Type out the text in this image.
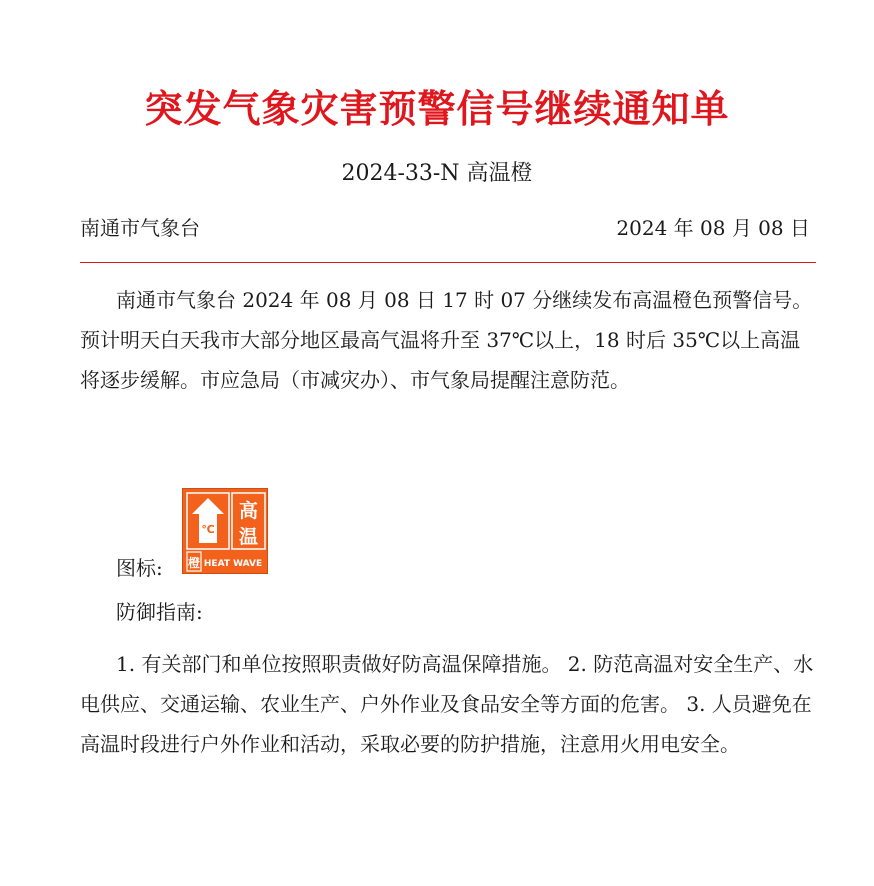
突发气象灾害预警信号继续通知单
2024-33-N 高温橙
南通市气象台	2024 年 08 月 08 日

南通市气象台 2024 年 08 月 08 日 17 时 07 分继续发布高温橙色预警信号。预计明天白天我市大部分地区最高气温将升至 37℃以上，18 时后 35℃以上高温将逐步缓解。市应急局（市减灾办）、市气象局提醒注意防范。

图标:
℃
高
温
橙 HEAT WAVE
防御指南:

1. 有关部门和单位按照职责做好防高温保障措施。 2. 防范高温对安全生产、水电供应、交通运输、农业生产、户外作业及食品安全等方面的危害。 3. 人员避免在高温时段进行户外作业和活动，采取必要的防护措施，注意用火用电安全。
